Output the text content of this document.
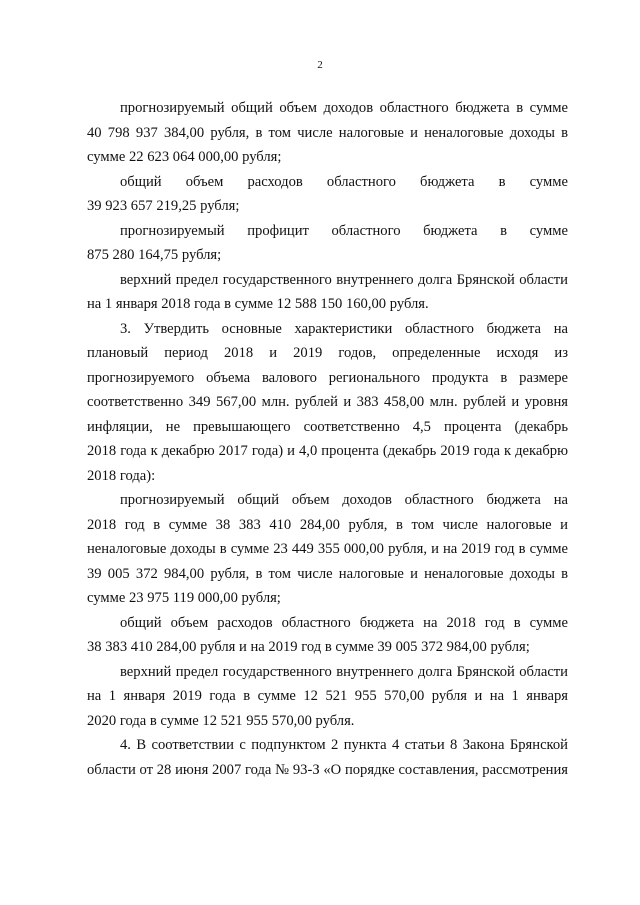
2

прогнозируемый общий объем доходов областного бюджета в сумме
40 798 937 384,00 рубля, в том числе налоговые и неналоговые доходы в
сумме 22 623 064 000,00 рубля;

общий объем расходов областного бюджета в сумме
39 923 657 219,25 рубля;

прогнозируемый профицит областного бюджета в сумме
875 280 164,75 рубля;

верхний предел государственного внутреннего долга Брянской области
на 1 января 2018 года в сумме 12 588 150 160,00 рубля.

3. Утвердить основные характеристики областного бюджета на
плановый период 2018 и 2019 годов, определенные исходя из
прогнозируемого объема валового регионального продукта в размере
соответственно 349 567,00 млн. рублей и 383 458,00 млн. рублей и уровня
инфляции, не превышающего соответственно 4,5 процента (декабрь
2018 года к декабрю 2017 года) и 4,0 процента (декабрь 2019 года к декабрю
2018 года):

прогнозируемый общий объем доходов областного бюджета на
2018 год в сумме 38 383 410 284,00 рубля, в том числе налоговые и
неналоговые доходы в сумме 23 449 355 000,00 рубля, и на 2019 год в сумме
39 005 372 984,00 рубля, в том числе налоговые и неналоговые доходы в
сумме 23 975 119 000,00 рубля;

общий объем расходов областного бюджета на 2018 год в сумме
38 383 410 284,00 рубля и на 2019 год в сумме 39 005 372 984,00 рубля;

верхний предел государственного внутреннего долга Брянской области
на 1 января 2019 года в сумме 12 521 955 570,00 рубля и на 1 января
2020 года в сумме 12 521 955 570,00 рубля.

4. В соответствии с подпунктом 2 пункта 4 статьи 8 Закона Брянской
области от 28 июня 2007 года № 93-З «О порядке составления, рассмотрения
